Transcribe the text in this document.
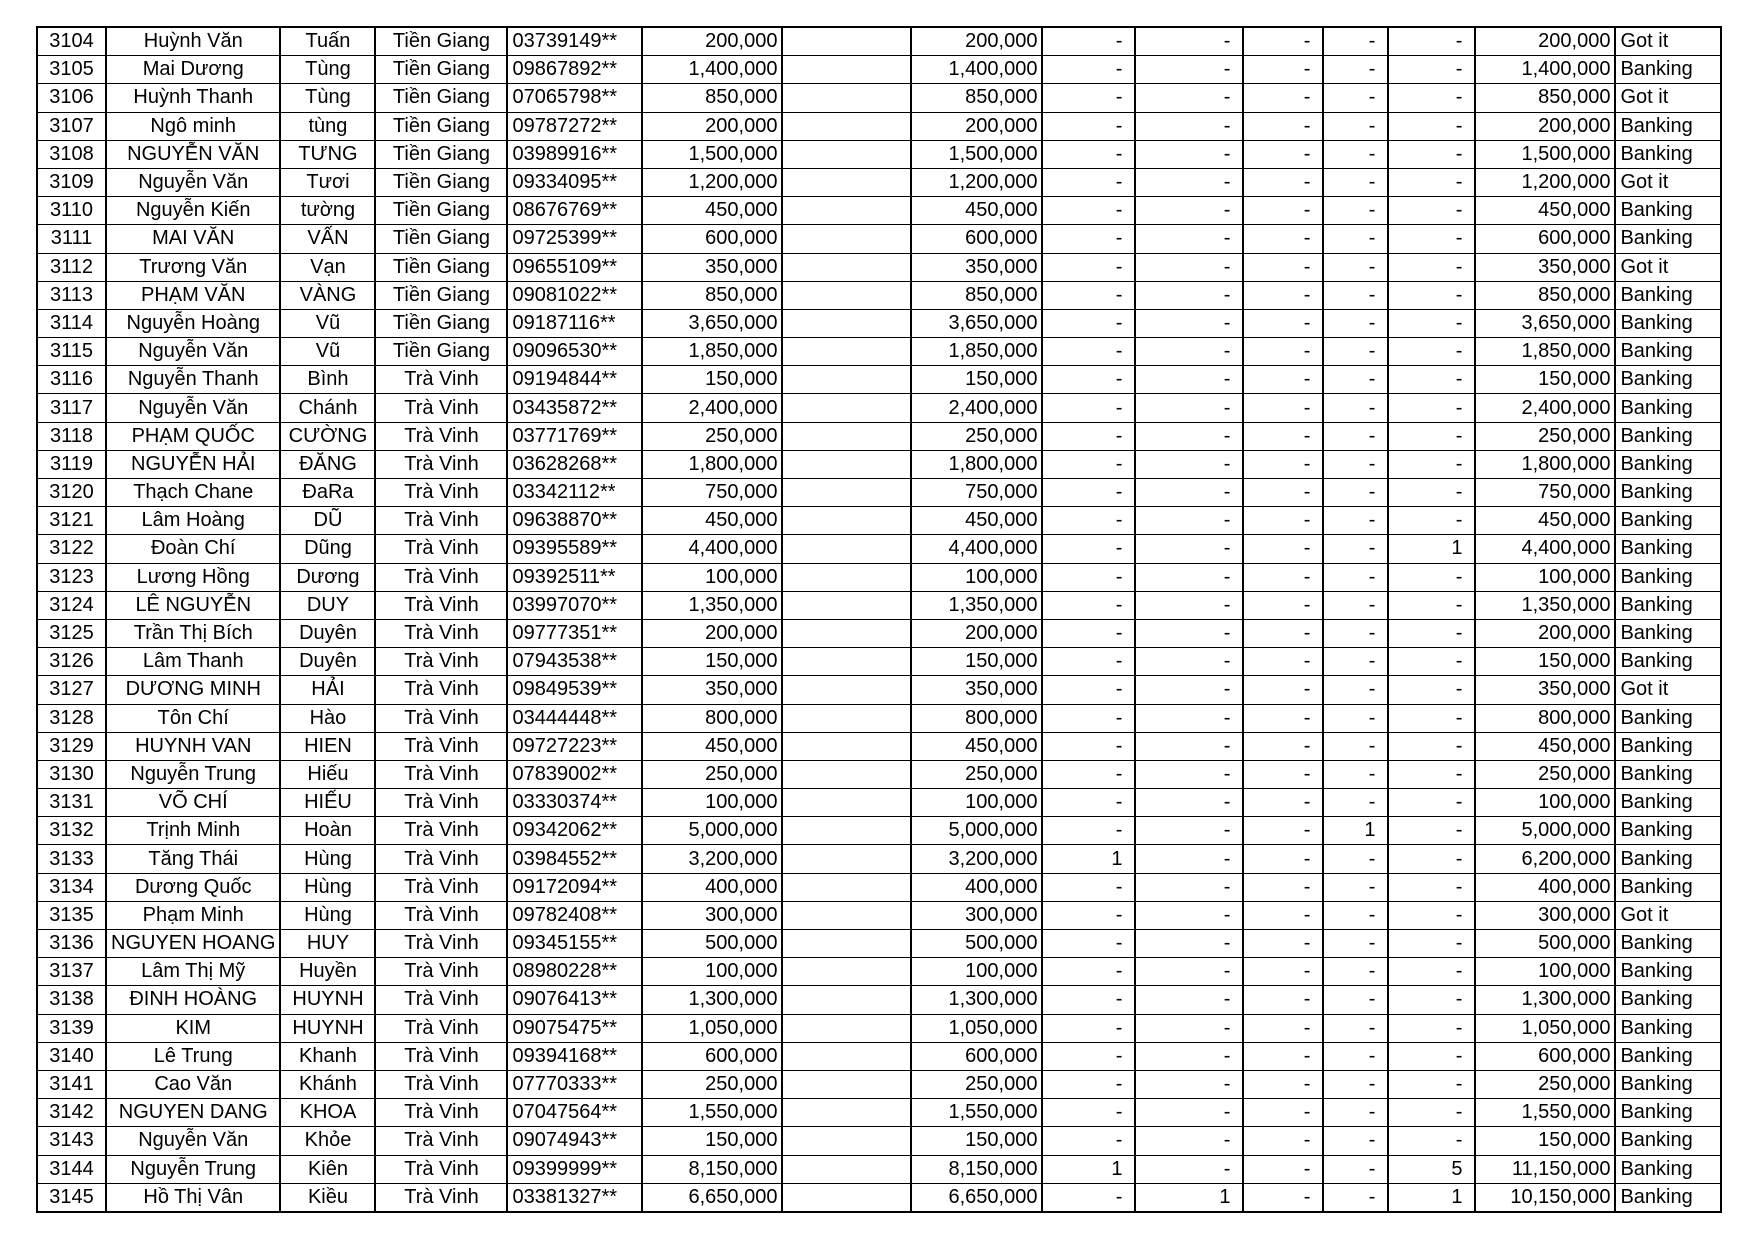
3104	Huỳnh Văn	Tuấn	Tiền Giang	03739149**	200,000		200,000	-	-	-	-	-	200,000	Got it
3105	Mai Dương	Tùng	Tiền Giang	09867892**	1,400,000		1,400,000	-	-	-	-	-	1,400,000	Banking
3106	Huỳnh Thanh	Tùng	Tiền Giang	07065798**	850,000		850,000	-	-	-	-	-	850,000	Got it
3107	Ngô minh	tùng	Tiền Giang	09787272**	200,000		200,000	-	-	-	-	-	200,000	Banking
3108	NGUYỄN VĂN	TƯNG	Tiền Giang	03989916**	1,500,000		1,500,000	-	-	-	-	-	1,500,000	Banking
3109	Nguyễn Văn	Tươi	Tiền Giang	09334095**	1,200,000		1,200,000	-	-	-	-	-	1,200,000	Got it
3110	Nguyễn Kiến	tường	Tiền Giang	08676769**	450,000		450,000	-	-	-	-	-	450,000	Banking
3111	MAI VĂN	VẤN	Tiền Giang	09725399**	600,000		600,000	-	-	-	-	-	600,000	Banking
3112	Trương Văn	Vạn	Tiền Giang	09655109**	350,000		350,000	-	-	-	-	-	350,000	Got it
3113	PHẠM VĂN	VÀNG	Tiền Giang	09081022**	850,000		850,000	-	-	-	-	-	850,000	Banking
3114	Nguyễn Hoàng	Vũ	Tiền Giang	09187116**	3,650,000		3,650,000	-	-	-	-	-	3,650,000	Banking
3115	Nguyễn Văn	Vũ	Tiền Giang	09096530**	1,850,000		1,850,000	-	-	-	-	-	1,850,000	Banking
3116	Nguyễn Thanh	Bình	Trà Vinh	09194844**	150,000		150,000	-	-	-	-	-	150,000	Banking
3117	Nguyễn Văn	Chánh	Trà Vinh	03435872**	2,400,000		2,400,000	-	-	-	-	-	2,400,000	Banking
3118	PHẠM QUỐC	CƯỜNG	Trà Vinh	03771769**	250,000		250,000	-	-	-	-	-	250,000	Banking
3119	NGUYỄN HẢI	ĐĂNG	Trà Vinh	03628268**	1,800,000		1,800,000	-	-	-	-	-	1,800,000	Banking
3120	Thạch Chane	ĐaRa	Trà Vinh	03342112**	750,000		750,000	-	-	-	-	-	750,000	Banking
3121	Lâm Hoàng	DŨ	Trà Vinh	09638870**	450,000		450,000	-	-	-	-	-	450,000	Banking
3122	Đoàn Chí	Dũng	Trà Vinh	09395589**	4,400,000		4,400,000	-	-	-	-	1	4,400,000	Banking
3123	Lương Hồng	Dương	Trà Vinh	09392511**	100,000		100,000	-	-	-	-	-	100,000	Banking
3124	LÊ NGUYỄN	DUY	Trà Vinh	03997070**	1,350,000		1,350,000	-	-	-	-	-	1,350,000	Banking
3125	Trần Thị Bích	Duyên	Trà Vinh	09777351**	200,000		200,000	-	-	-	-	-	200,000	Banking
3126	Lâm Thanh	Duyên	Trà Vinh	07943538**	150,000		150,000	-	-	-	-	-	150,000	Banking
3127	DƯƠNG MINH	HẢI	Trà Vinh	09849539**	350,000		350,000	-	-	-	-	-	350,000	Got it
3128	Tôn Chí	Hào	Trà Vinh	03444448**	800,000		800,000	-	-	-	-	-	800,000	Banking
3129	HUYNH VAN	HIEN	Trà Vinh	09727223**	450,000		450,000	-	-	-	-	-	450,000	Banking
3130	Nguyễn Trung	Hiếu	Trà Vinh	07839002**	250,000		250,000	-	-	-	-	-	250,000	Banking
3131	VÕ CHÍ	HIẾU	Trà Vinh	03330374**	100,000		100,000	-	-	-	-	-	100,000	Banking
3132	Trịnh Minh	Hoàn	Trà Vinh	09342062**	5,000,000		5,000,000	-	-	-	1	-	5,000,000	Banking
3133	Tăng Thái	Hùng	Trà Vinh	03984552**	3,200,000		3,200,000	1	-	-	-	-	6,200,000	Banking
3134	Dương Quốc	Hùng	Trà Vinh	09172094**	400,000		400,000	-	-	-	-	-	400,000	Banking
3135	Phạm Minh	Hùng	Trà Vinh	09782408**	300,000		300,000	-	-	-	-	-	300,000	Got it
3136	NGUYEN HOANG	HUY	Trà Vinh	09345155**	500,000		500,000	-	-	-	-	-	500,000	Banking
3137	Lâm Thị Mỹ	Huyền	Trà Vinh	08980228**	100,000		100,000	-	-	-	-	-	100,000	Banking
3138	ĐINH HOÀNG	HUYNH	Trà Vinh	09076413**	1,300,000		1,300,000	-	-	-	-	-	1,300,000	Banking
3139	KIM	HUYNH	Trà Vinh	09075475**	1,050,000		1,050,000	-	-	-	-	-	1,050,000	Banking
3140	Lê Trung	Khanh	Trà Vinh	09394168**	600,000		600,000	-	-	-	-	-	600,000	Banking
3141	Cao Văn	Khánh	Trà Vinh	07770333**	250,000		250,000	-	-	-	-	-	250,000	Banking
3142	NGUYEN DANG	KHOA	Trà Vinh	07047564**	1,550,000		1,550,000	-	-	-	-	-	1,550,000	Banking
3143	Nguyễn Văn	Khỏe	Trà Vinh	09074943**	150,000		150,000	-	-	-	-	-	150,000	Banking
3144	Nguyễn Trung	Kiên	Trà Vinh	09399999**	8,150,000		8,150,000	1	-	-	-	5	11,150,000	Banking
3145	Hồ Thị Vân	Kiều	Trà Vinh	03381327**	6,650,000		6,650,000	-	1	-	-	1	10,150,000	Banking
